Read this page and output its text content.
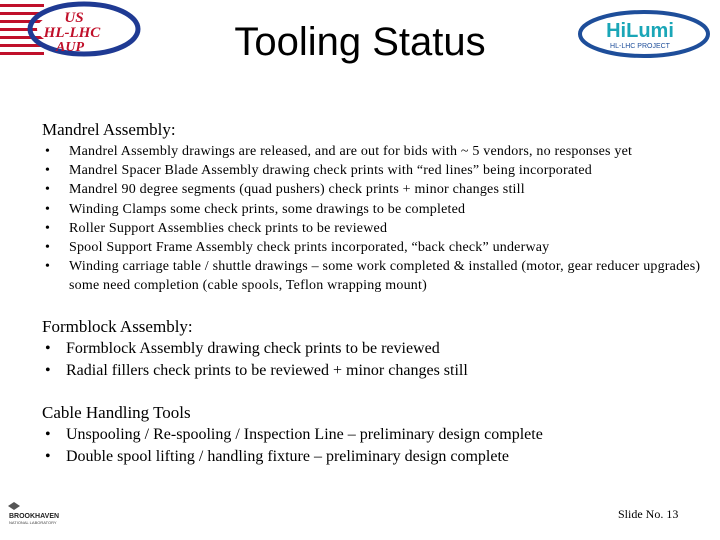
US
HL-LHC
AUP	Tooling Status	HiLumi
HL-LHC PROJECT
Mandrel Assembly:
• Mandrel Assembly drawings are released, and are out for bids with ~ 5 vendors, no responses yet
• Mandrel Spacer Blade Assembly drawing check prints with “red lines” being incorporated
• Mandrel 90 degree segments (quad pushers) check prints + minor changes still
• Winding Clamps some check prints, some drawings to be completed
• Roller Support Assemblies check prints to be reviewed
• Spool Support Frame Assembly check prints incorporated, “back check” underway
• Winding carriage table / shuttle drawings – some work completed & installed (motor, gear reducer upgrades) some need completion (cable spools, Teflon wrapping mount)
Formblock Assembly:
• Formblock Assembly drawing check prints to be reviewed
• Radial fillers check prints to be reviewed + minor changes still
Cable Handling Tools
• Unspooling / Re-spooling / Inspection Line – preliminary design complete
• Double spool lifting / handling fixture – preliminary design complete
BROOKHAVEN
NATIONAL LABORATORY
Slide No. 13
